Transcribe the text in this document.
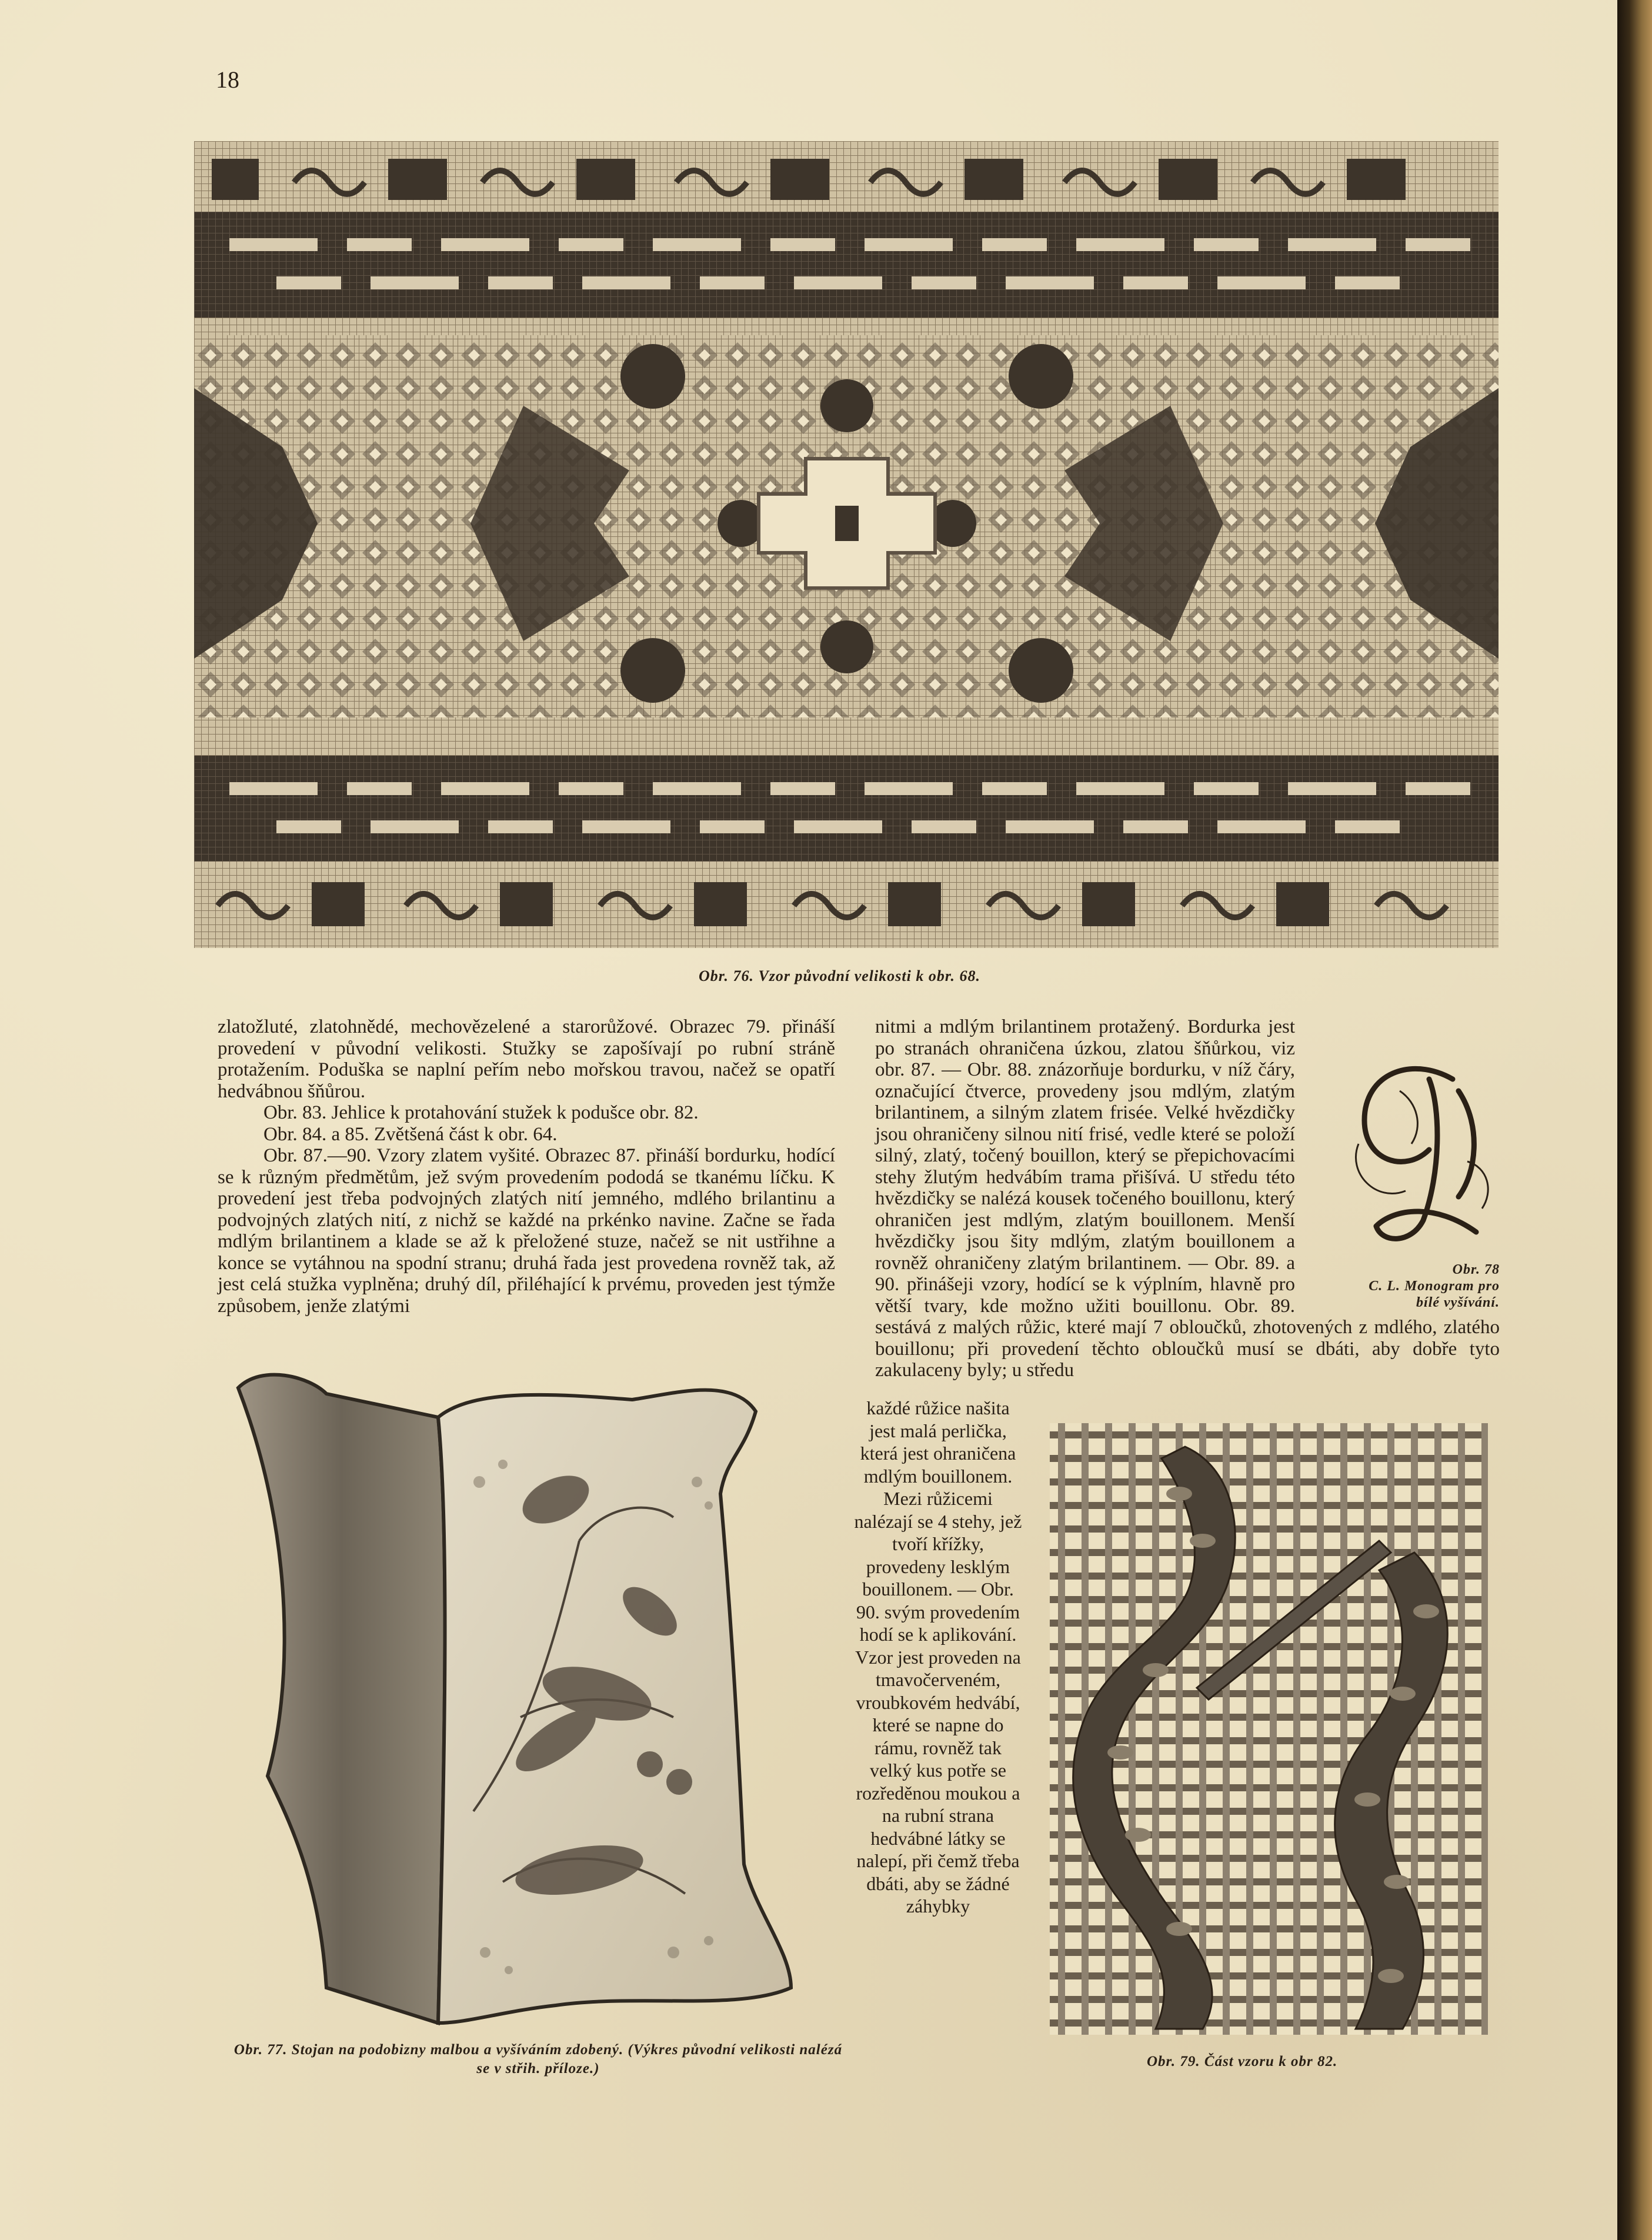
18
Obr. 76. Vzor původní velikosti k obr. 68.

zlatožluté, zlatohnědé, mechovězelené a starorůžové. Obrazec 79. přináší provedení v původní velikosti. Stužky se zapošívají po rubní stráně protažením. Poduška se naplní peřím nebo mořskou travou, načež se opatří hedvábnou šňůrou.

Obr. 83. Jehlice k protahování stužek k podušce obr. 82.

Obr. 84. a 85. Zvětšená část k obr. 64.

Obr. 87.—90. Vzory zlatem vyšité. Obrazec 87. přináší bordurku, hodící se k různým předmětům, jež svým provedením pododá se tkanému líčku. K provedení jest třeba podvojných zlatých nití jemného, mdlého brilantinu a podvojných zlatých nití, z nichž se každé na prkénko navine. Začne se řada mdlým brilantinem a klade se až k přeložené stuze, načež se nit ustřihne a konce se vytáhnou na spodní stranu; druhá řada jest provedena rovněž tak, až jest celá stužka vyplněna; druhý díl, přiléhající k prvému, proveden jest týmže způsobem, jenže zlatými

nitmi a mdlým brilantinem protažený. Bordurka jest po stranách ohraničena úzkou, zlatou šňůrkou, viz obr. 87. — Obr. 88. znázorňuje bordurku, v níž čáry, označující čtverce, provedeny jsou mdlým, zlatým brilantinem, a silným zlatem frisée. Velké hvězdičky jsou ohraničeny silnou nití frisé, vedle které se položí silný, zlatý, točený bouillon, který se přepichovacími stehy žlutým hedvábím trama přišívá. U středu této hvězdičky se nalézá kousek točeného bouillonu, který ohraničen jest mdlým, zlatým bouillonem. Menší hvězdičky jsou šity mdlým, zlatým bouillonem a rovněž ohraničeny zlatým brilantinem. — Obr. 89. a 90. přinášeji vzory, hodící se k výplním, hlavně pro větší tvary, kde možno užiti bouillonu. Obr. 89. sestává z malých růžic, které mají 7 obloučků, zhotovených z mdlého, zlatého bouillonu; při provedení těchto obloučků musí se dbáti, aby dobře tyto zakulaceny byly; u středu

Obr. 78
C. L. Monogram pro
bílé vyšívání.

každé růžice našita jest malá perlička, která jest ohraničena mdlým bouillonem. Mezi růžicemi nalézají se 4 stehy, jež tvoří křížky, provedeny lesklým bouillonem. — Obr. 90. svým provedením hodí se k aplikování. Vzor jest proveden na tmavočerveném, vroubkovém hedvábí, které se napne do rámu, rovněž tak velký kus potře se rozředěnou moukou a na rubní strana hedvábné látky se nalepí, při čemž třeba dbáti, aby se žádné záhybky

Obr. 77. Stojan na podobizny malbou a vyšíváním zdobený. (Výkres původní velikosti nalézá se v střih. příloze.)	Obr. 79. Část vzoru k obr 82.
